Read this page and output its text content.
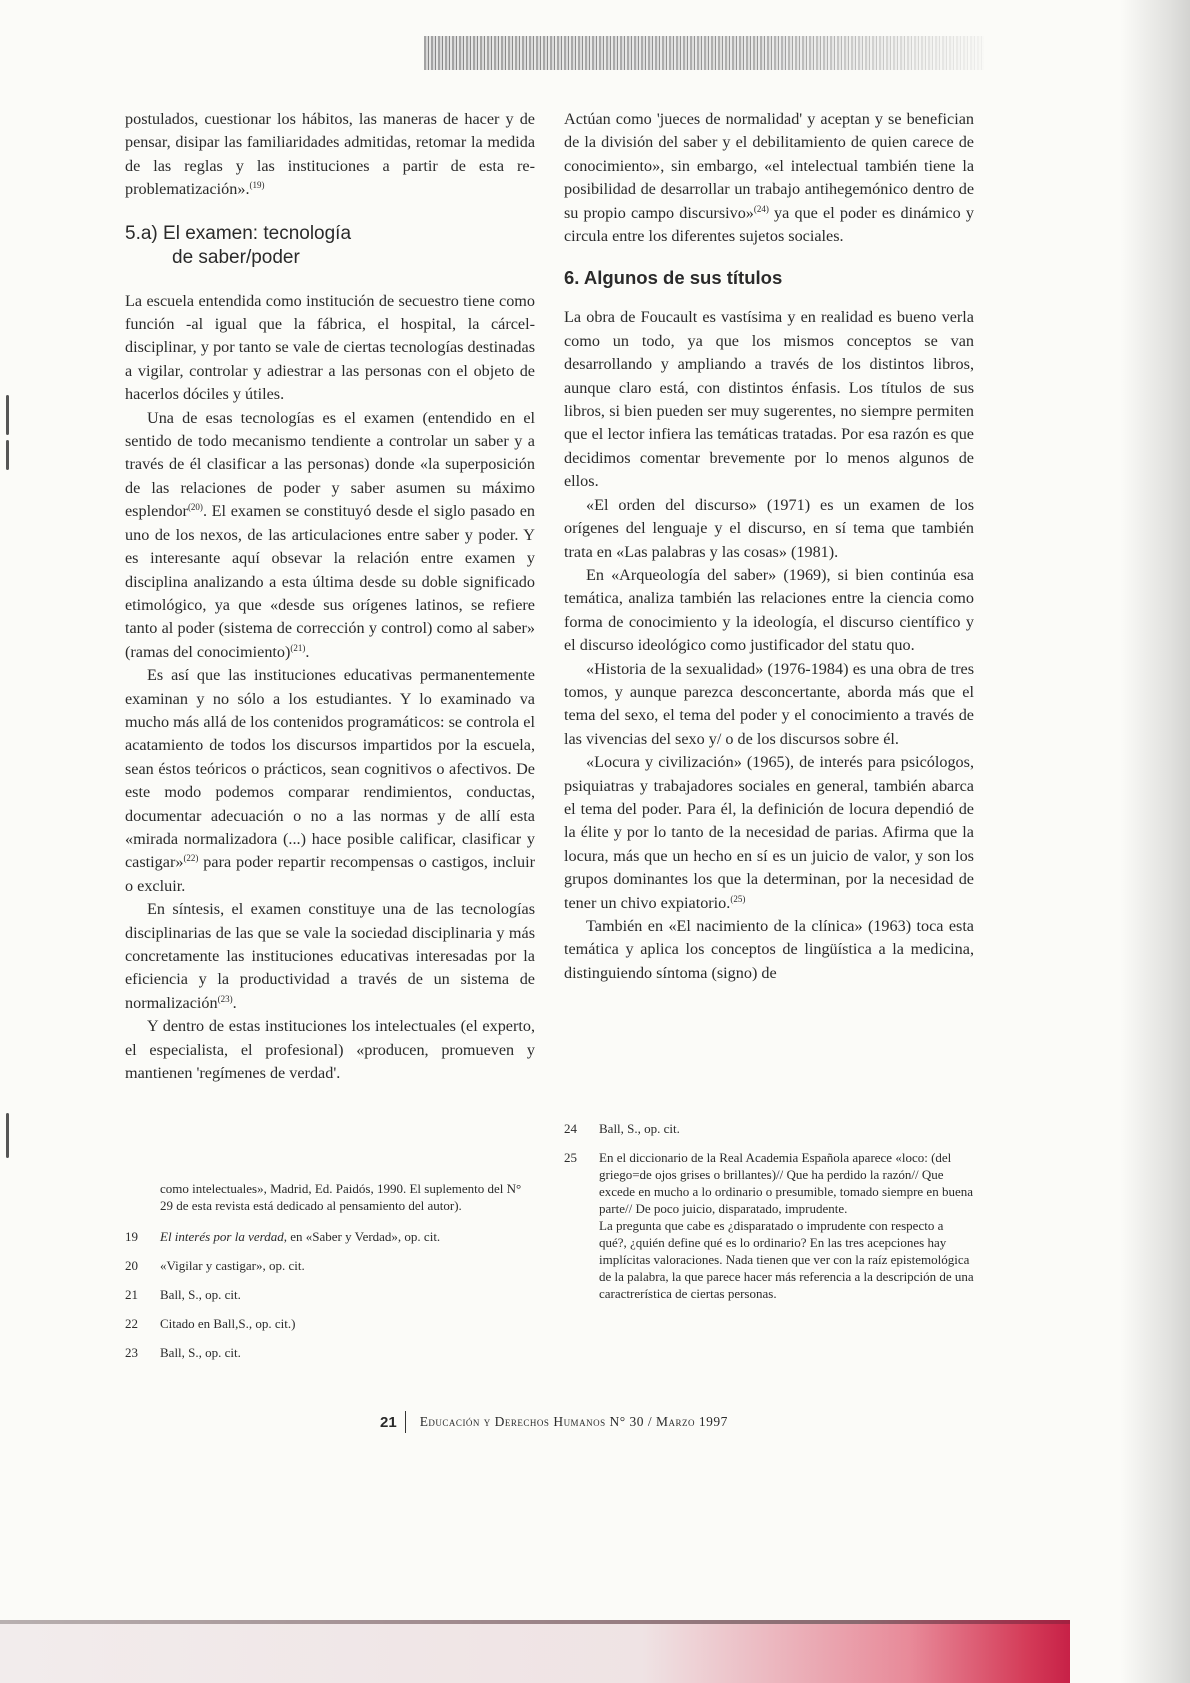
postulados, cuestionar los hábitos, las maneras de hacer y de pensar, disipar las familiaridades admitidas, retomar la medida de las reglas y las instituciones a partir de esta re-problematización».$^{(19)}$

5.a) El examen: tecnología
de saber/poder

La escuela entendida como institución de secuestro tiene como función -al igual que la fábrica, el hospital, la cárcel- disciplinar, y por tanto se vale de ciertas tecnologías destinadas a vigilar, controlar y adiestrar a las personas con el objeto de hacerlos dóciles y útiles.

Una de esas tecnologías es el examen (entendido en el sentido de todo mecanismo tendiente a controlar un saber y a través de él clasificar a las personas) donde «la superposición de las relaciones de poder y saber asumen su máximo esplendor$^{(20)}$. El examen se constituyó desde el siglo pasado en uno de los nexos, de las articulaciones entre saber y poder. Y es interesante aquí obsevar la relación entre examen y disciplina analizando a esta última desde su doble significado etimológico, ya que «desde sus orígenes latinos, se refiere tanto al poder (sistema de corrección y control) como al saber» (ramas del conocimiento)$^{(21)}$.

Es así que las instituciones educativas permanentemente examinan y no sólo a los estudiantes. Y lo examinado va mucho más allá de los contenidos programáticos: se controla el acatamiento de todos los discursos impartidos por la escuela, sean éstos teóricos o prácticos, sean cognitivos o afectivos. De este modo podemos comparar rendimientos, conductas, documentar adecuación o no a las normas y de allí esta «mirada normalizadora (...) hace posible calificar, clasificar y castigar»$^{(22)}$ para poder repartir recompensas o castigos, incluir o excluir.

En síntesis, el examen constituye una de las tecnologías disciplinarias de las que se vale la sociedad disciplinaria y más concretamente las instituciones educativas interesadas por la eficiencia y la productividad a través de un sistema de normalización$^{(23)}$.

Y dentro de estas instituciones los intelectuales (el experto, el especialista, el profesional) «producen, promueven y mantienen 'regímenes de verdad'.

Actúan como 'jueces de normalidad' y aceptan y se benefician de la división del saber y el debilitamiento de quien carece de conocimiento», sin embargo, «el intelectual también tiene la posibilidad de desarrollar un trabajo antihegemónico dentro de su propio campo discursivo»$^{(24)}$ ya que el poder es dinámico y circula entre los diferentes sujetos sociales.

6. Algunos de sus títulos

La obra de Foucault es vastísima y en realidad es bueno verla como un todo, ya que los mismos conceptos se van desarrollando y ampliando a través de los distintos libros, aunque claro está, con distintos énfasis. Los títulos de sus libros, si bien pueden ser muy sugerentes, no siempre permiten que el lector infiera las temáticas tratadas. Por esa razón es que decidimos comentar brevemente por lo menos algunos de ellos.

«El orden del discurso» (1971) es un examen de los orígenes del lenguaje y el discurso, en sí tema que también trata en «Las palabras y las cosas» (1981).

En «Arqueología del saber» (1969), si bien continúa esa temática, analiza también las relaciones entre la ciencia como forma de conocimiento y la ideología, el discurso científico y el discurso ideológico como justificador del statu quo.

«Historia de la sexualidad» (1976-1984) es una obra de tres tomos, y aunque parezca desconcertante, aborda más que el tema del sexo, el tema del poder y el conocimiento a través de las vivencias del sexo y/ o de los discursos sobre él.

«Locura y civilización» (1965), de interés para psicólogos, psiquiatras y trabajadores sociales en general, también abarca el tema del poder. Para él, la definición de locura dependió de la élite y por lo tanto de la necesidad de parias. Afirma que la locura, más que un hecho en sí es un juicio de valor, y son los grupos dominantes los que la determinan, por la necesidad de tener un chivo expiatorio.$^{(25)}$

También en «El nacimiento de la clínica» (1963) toca esta temática y aplica los conceptos de lingüística a la medicina, distinguiendo síntoma (signo) de

como intelectuales», Madrid, Ed. Paidós, 1990. El suplemento del N° 29 de esta revista está dedicado al pensamiento del autor).
19	El interés por la verdad, en «Saber y Verdad», op. cit.
20	«Vigilar y castigar», op. cit.
21	Ball, S., op. cit.
22	Citado en Ball,S., op. cit.)
23	Ball, S., op. cit.
24	Ball, S., op. cit.
25	En el diccionario de la Real Academia Española aparece «loco: (del griego=de ojos grises o brillantes)// Que ha perdido la razón// Que excede en mucho a lo ordinario o presumible, tomado siempre en buena parte// De poco juicio, disparatado, imprudente.
La pregunta que cabe es ¿disparatado o imprudente con respecto a qué?, ¿quién define qué es lo ordinario? En las tres acepciones hay implícitas valoraciones. Nada tienen que ver con la raíz epistemológica de la palabra, la que parece hacer más referencia a la descripción de una caractrerística de ciertas personas.
21 Educación y Derechos Humanos N° 30 / Marzo 1997
